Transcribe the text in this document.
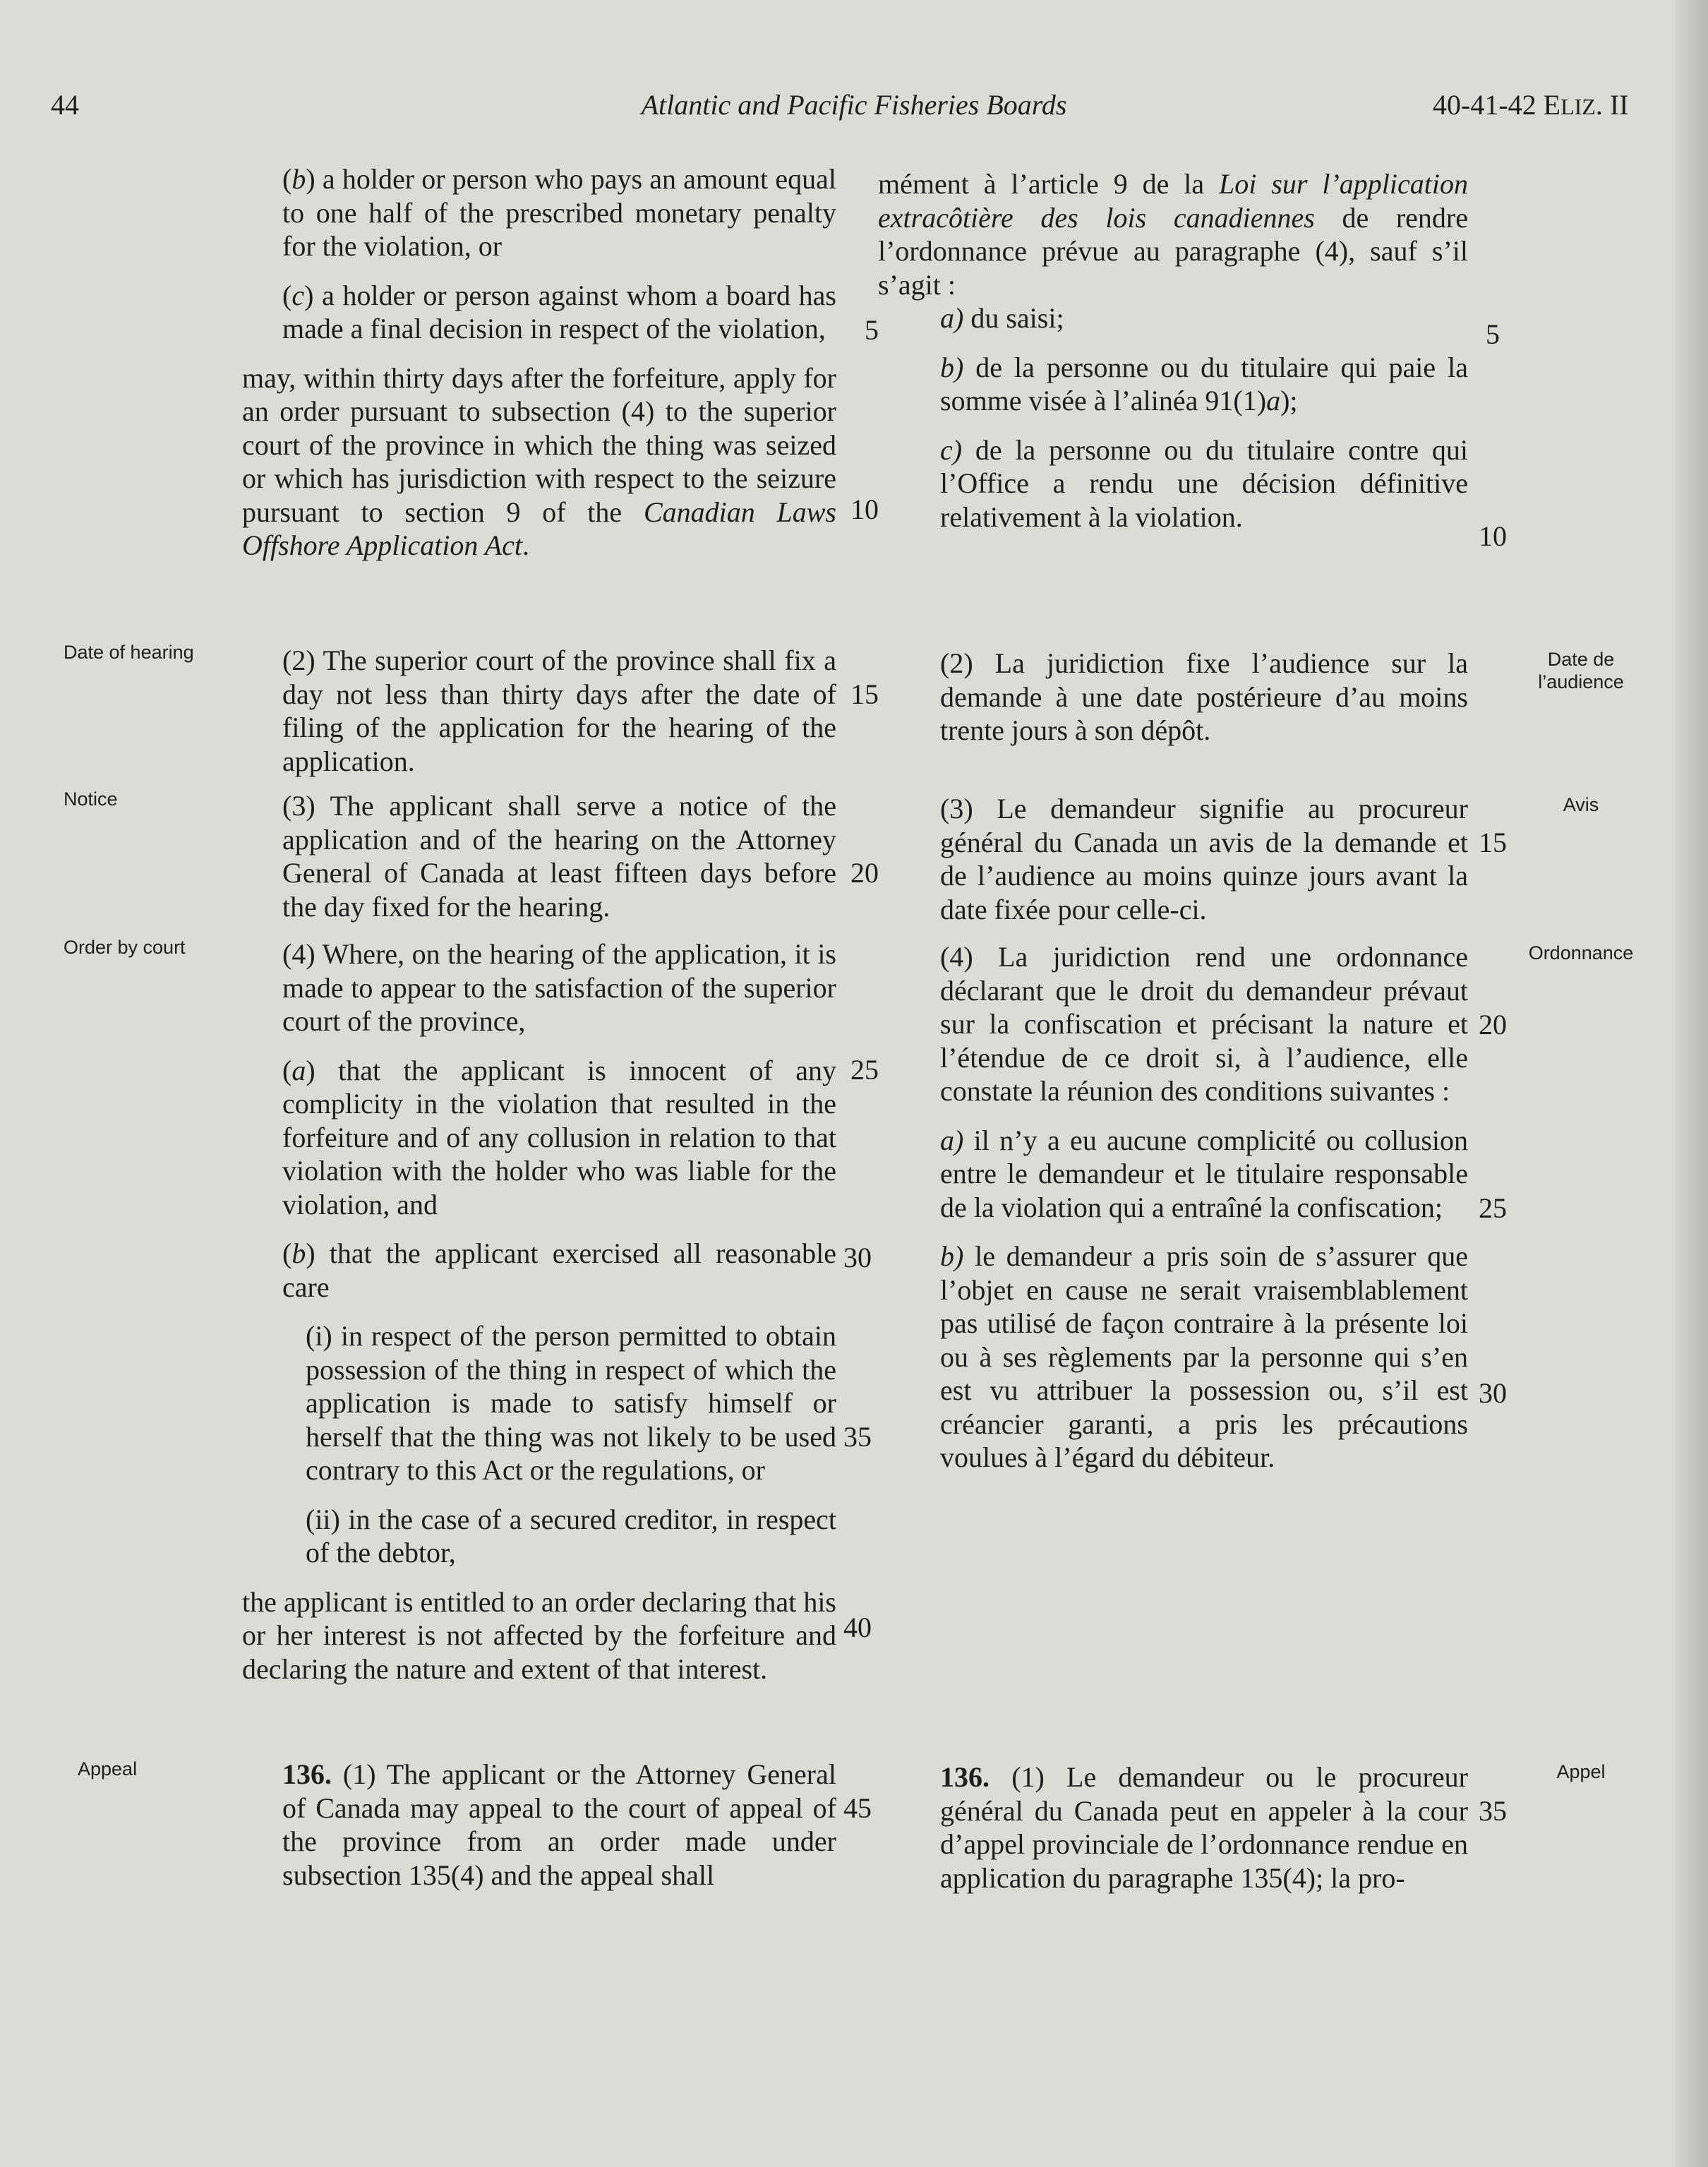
44	Atlantic and Pacific Fisheries Boards	40-41-42 ELIZ. II

(b) a holder or person who pays an amount equal to one half of the prescribed monetary penalty for the violation, or

(c) a holder or person against whom a board has made a final decision in respect of the violation,

may, within thirty days after the forfeiture, apply for an order pursuant to subsection (4) to the superior court of the province in which the thing was seized or which has jurisdiction with respect to the seizure pursuant to section 9 of the Canadian Laws Offshore Application Act.

(2) The superior court of the province shall fix a day not less than thirty days after the date of filing of the application for the hearing of the application.

(3) The applicant shall serve a notice of the application and of the hearing on the Attorney General of Canada at least fifteen days before the day fixed for the hearing.

(4) Where, on the hearing of the application, it is made to appear to the satisfaction of the superior court of the province,

(a) that the applicant is innocent of any complicity in the violation that resulted in the forfeiture and of any collusion in relation to that violation with the holder who was liable for the violation, and

(b) that the applicant exercised all reasonable care

(i) in respect of the person permitted to obtain possession of the thing in respect of which the application is made to satisfy himself or herself that the thing was not likely to be used contrary to this Act or the regulations, or

(ii) in the case of a secured creditor, in respect of the debtor,

the applicant is entitled to an order declaring that his or her interest is not affected by the forfeiture and declaring the nature and extent of that interest.

136. (1) The applicant or the Attorney General of Canada may appeal to the court of appeal of the province from an order made under subsection 135(4) and the appeal shall

5
10
15
20
25
30
35
40
45
Date of hearing
Notice
Order by court
Appeal

mément à l’article 9 de la Loi sur l’application extracôtière des lois canadiennes de rendre l’ordonnance prévue au paragraphe (4), sauf s’il s’agit :

a) du saisi;

b) de la personne ou du titulaire qui paie la somme visée à l’alinéa 91(1)a);

c) de la personne ou du titulaire contre qui l’Office a rendu une décision définitive relativement à la violation.

(2) La juridiction fixe l’audience sur la demande à une date postérieure d’au moins trente jours à son dépôt.

(3) Le demandeur signifie au procureur général du Canada un avis de la demande et de l’audience au moins quinze jours avant la date fixée pour celle-ci.

(4) La juridiction rend une ordonnance déclarant que le droit du demandeur prévaut sur la confiscation et précisant la nature et l’étendue de ce droit si, à l’audience, elle constate la réunion des conditions suivantes :

a) il n’y a eu aucune complicité ou collusion entre le demandeur et le titulaire responsable de la violation qui a entraîné la confiscation;

b) le demandeur a pris soin de s’assurer que l’objet en cause ne serait vraisemblablement pas utilisé de façon contraire à la présente loi ou à ses règlements par la personne qui s’en est vu attribuer la possession ou, s’il est créancier garanti, a pris les précautions voulues à l’égard du débiteur.

136. (1) Le demandeur ou le procureur général du Canada peut en appeler à la cour d’appel provinciale de l’ordonnance rendue en application du paragraphe 135(4); la pro-

5
10
15
20
25
30
35
Date de l’audience
Avis
Ordonnance
Appel
